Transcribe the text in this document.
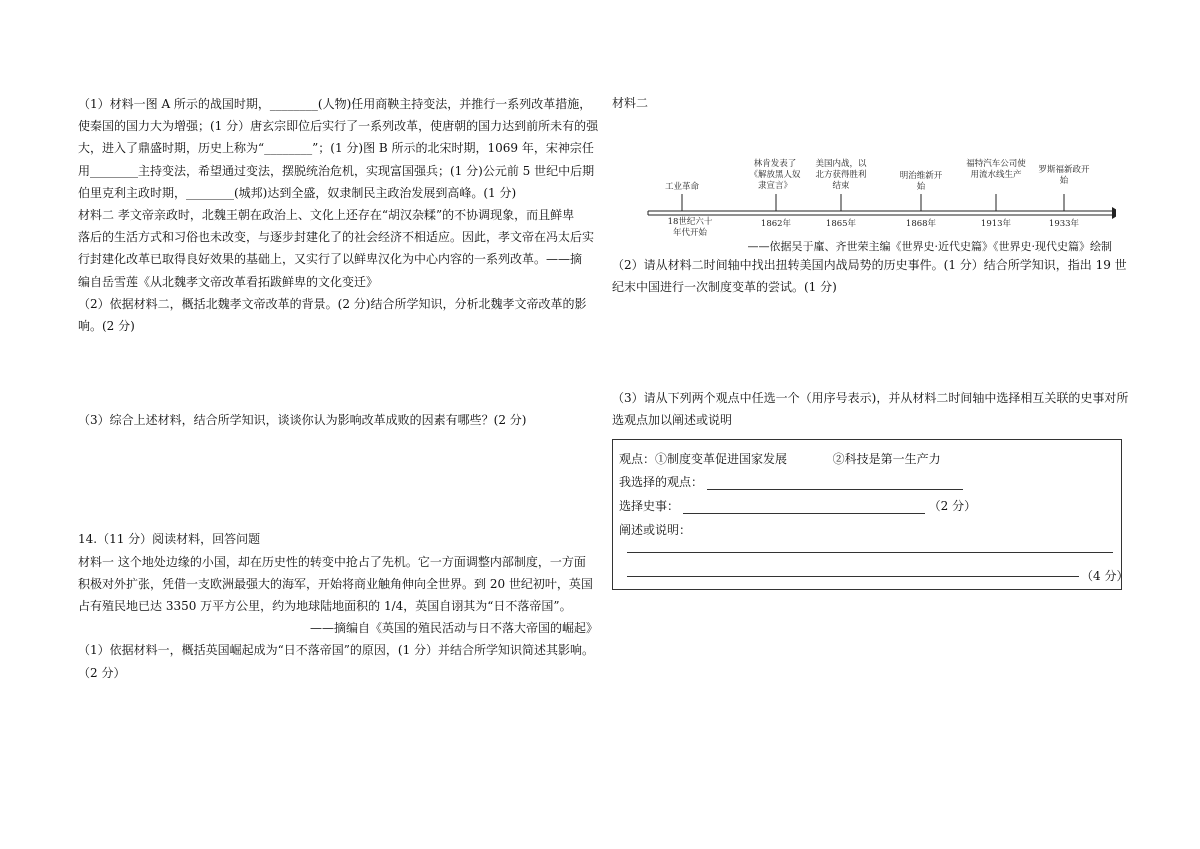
（1）材料一图 A 所示的战国时期，________(人物)任用商鞅主持变法，并推行一系列改革措施，

使秦国的国力大为增强；(1 分）唐玄宗即位后实行了一系列改革，使唐朝的国力达到前所未有的强

大，进入了鼎盛时期，历史上称为“________”；(1 分)图 B 所示的北宋时期，1069 年，宋神宗任

用________主持变法，希望通过变法，摆脱统治危机，实现富国强兵；(1 分)公元前 5 世纪中后期

伯里克利主政时期，________(城邦)达到全盛，奴隶制民主政治发展到高峰。(1 分)

材料二 孝文帝亲政时，北魏王朝在政治上、文化上还存在“胡汉杂糅”的不协调现象，而且鲜卑

落后的生活方式和习俗也未改变，与逐步封建化了的社会经济不相适应。因此，孝文帝在冯太后实

行封建化改革已取得良好效果的基础上，又实行了以鲜卑汉化为中心内容的一系列改革。——摘

编自岳雪莲《从北魏孝文帝改革看拓跋鲜卑的文化变迁》

（2）依据材料二，概括北魏孝文帝改革的背景。(2 分)结合所学知识，分析北魏孝文帝改革的影

响。(2 分)

（3）综合上述材料，结合所学知识，谈谈你认为影响改革成败的因素有哪些？(2 分)

14.（11 分）阅读材料，回答问题

材料一 这个地处边缘的小国，却在历史性的转变中抢占了先机。它一方面调整内部制度，一方面

积极对外扩张，凭借一支欧洲最强大的海军，开始将商业触角伸向全世界。到 20 世纪初叶，英国

占有殖民地已达 3350 万平方公里，约为地球陆地面积的 1/4，英国自诩其为“日不落帝国”。

——摘编自《英国的殖民活动与日不落大帝国的崛起》

（1）依据材料一，概括英国崛起成为“日不落帝国”的原因，(1 分）并结合所学知识简述其影响。

（2 分）

材料二

工业革命
林肯发表了《解放黑人奴隶宣言》
美国内战，以北方获得胜利结束
明治维新开始
福特汽车公司使用流水线生产	罗斯福新政开始
18世纪六十年代开始
1862年	1865年	1868年	1913年	1933年
——依据吴于廑、齐世荣主编《世界史·近代史篇》《世界史·现代史篇》绘制

（2）请从材料二时间轴中找出扭转美国内战局势的历史事件。(1 分）结合所学知识，指出 19 世

纪末中国进行一次制度变革的尝试。(1 分)

（3）请从下列两个观点中任选一个（用序号表示)，并从材料二时间轴中选择相互关联的史事对所

选观点加以阐述或说明

观点：①制度变革促进国家发展	②科技是第一生产力
我选择的观点：
选择史事：	（2 分）
阐述或说明：
（4 分）
